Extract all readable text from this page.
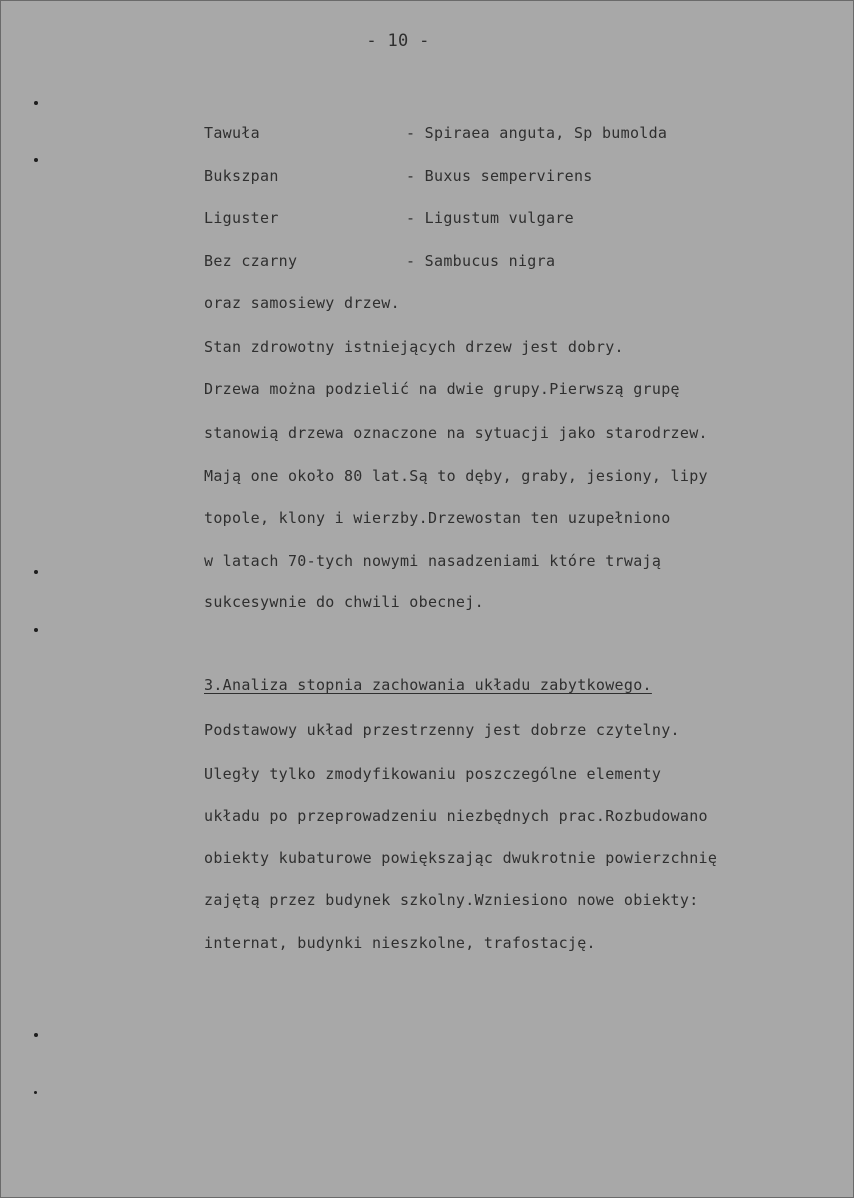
- 10 -
Tawuła	- Spiraea anguta, Sp bumolda
Bukszpan	- Buxus sempervirens
Liguster	- Ligustum vulgare
Bez czarny	- Sambucus nigra
oraz samosiewy drzew.
Stan zdrowotny istniejących drzew jest dobry.
Drzewa można podzielić na dwie grupy.Pierwszą grupę
stanowią drzewa oznaczone na sytuacji jako starodrzew.
Mają one około 80 lat.Są to dęby, graby, jesiony, lipy
topole, klony i wierzby.Drzewostan ten uzupełniono
w latach 70-tych nowymi nasadzeniami które trwają
sukcesywnie do chwili obecnej.
3.Analiza stopnia zachowania układu zabytkowego.
Podstawowy układ przestrzenny jest dobrze czytelny.
Uległy tylko zmodyfikowaniu poszczególne elementy
układu po przeprowadzeniu niezbędnych prac.Rozbudowano
obiekty kubaturowe powiększając dwukrotnie powierzchnię
zajętą przez budynek szkolny.Wzniesiono nowe obiekty:
internat, budynki nieszkolne, trafostację.
